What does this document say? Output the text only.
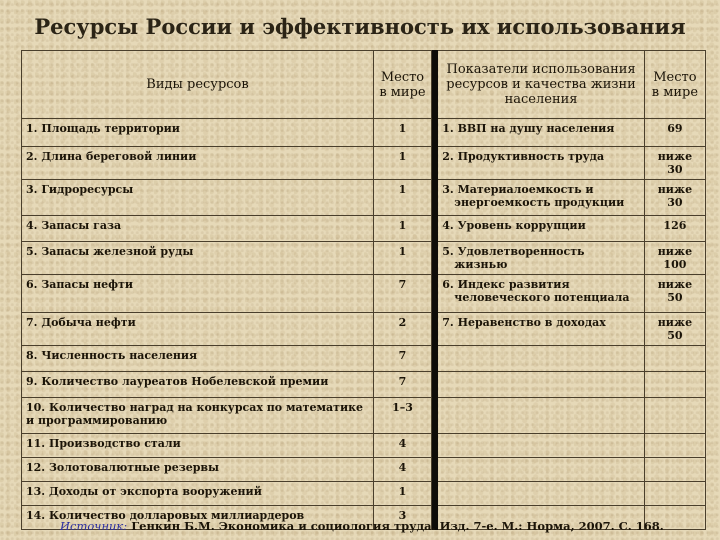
Ресурсы России и эффективность их использования
Виды ресурсов	Место в мире		Показатели использования ресурсов и качества жизни населения	Место в мире
1. Площадь территории	1		1. ВВП на душу населения	69
2. Длина береговой линии	1		2. Продуктивность труда	ниже 30
3. Гидроресурсы	1		3. Материалоемкость и энергоемкость продукции	ниже 30
4. Запасы газа	1		4. Уровень коррупции	126
5. Запасы железной руды	1		5. Удовлетворенность жизнью	ниже 100
6. Запасы нефти	7		6. Индекс развития человеческого потенциала	ниже 50
7. Добыча нефти	2		7. Неравенство в доходах	ниже 50
8. Численность населения	7		

9. Количество лауреатов Нобелевской премии	7		

10. Количество наград на конкурсах по математике и программированию	1–3		

11. Производство стали	4		

12. Золотовалютные резервы	4		

13. Доходы от экспорта вооружений	1		

14. Количество долларовых миллиардеров	3		

Источник: Генкин Б.М. Экономика и социология труда. Изд. 7-е. М.: Норма, 2007. С. 168.
